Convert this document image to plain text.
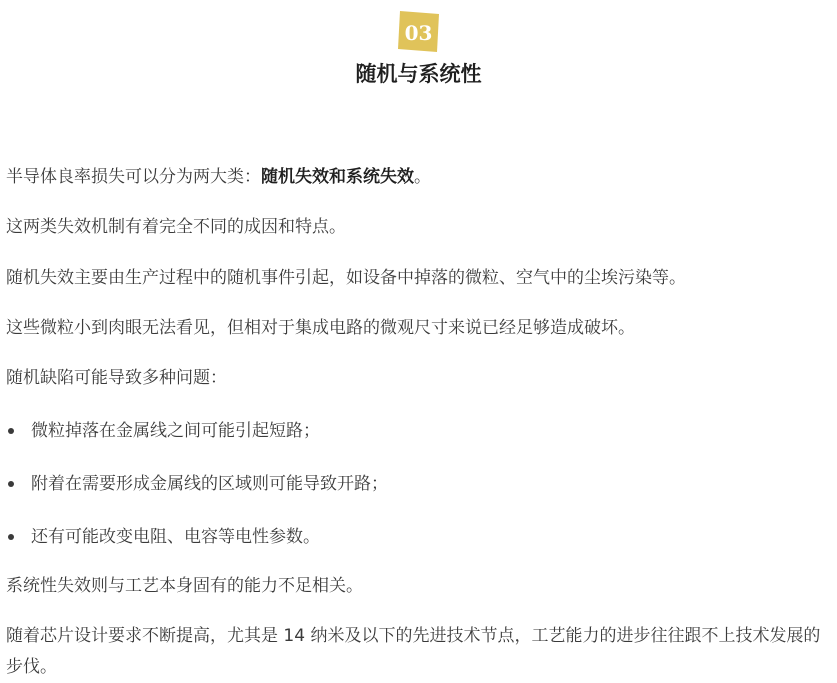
03
随机与系统性

半导体良率损失可以分为两大类：随机失效和系统失效。

这两类失效机制有着完全不同的成因和特点。

随机失效主要由生产过程中的随机事件引起，如设备中掉落的微粒、空气中的尘埃污染等。

这些微粒小到肉眼无法看见，但相对于集成电路的微观尺寸来说已经足够造成破坏。

随机缺陷可能导致多种问题：

微粒掉落在金属线之间可能引起短路；
附着在需要形成金属线的区域则可能导致开路；
还有可能改变电阻、电容等电性参数。

系统性失效则与工艺本身固有的能力不足相关。

随着芯片设计要求不断提高，尤其是 14 纳米及以下的先进技术节点，工艺能力的进步往往跟不上技术发展的步伐。
